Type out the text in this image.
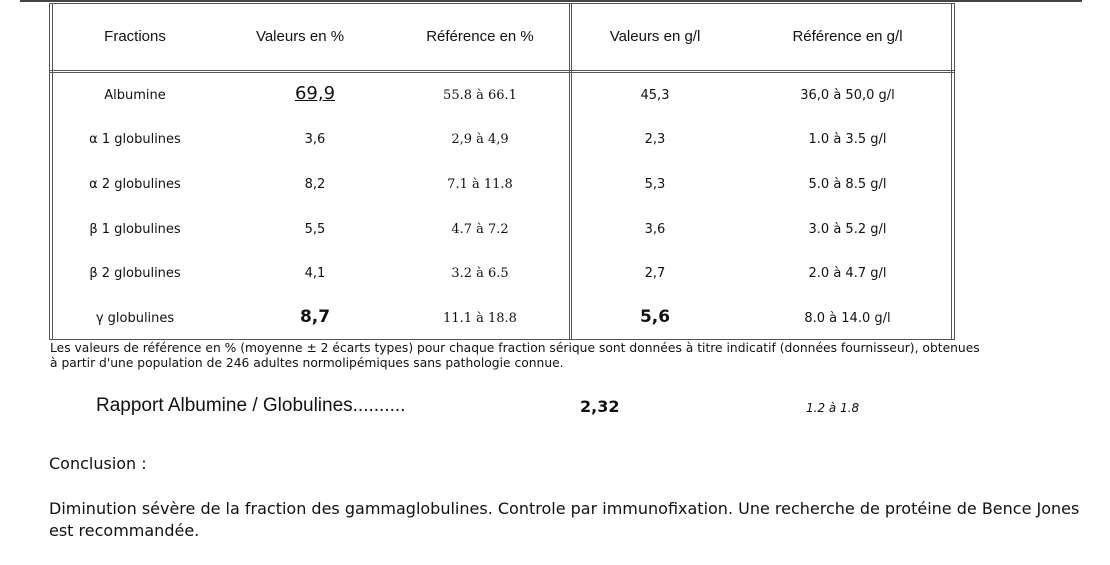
Fractions	Valeurs en %	Référence en %	Valeurs en g/l	Référence en g/l
Albumine	69,9	55.8 à 66.1	45,3	36,0 à 50,0 g/l
α 1 globulines	3,6	2,9 à 4,9	2,3	1.0 à 3.5 g/l
α 2 globulines	8,2	7.1 à 11.8	5,3	5.0 à 8.5 g/l
β 1 globulines	5,5	4.7 à 7.2	3,6	3.0 à 5.2 g/l
β 2 globulines	4,1	3.2 à 6.5	2,7	2.0 à 4.7 g/l
γ globulines	8,7	11.1 à 18.8	5,6	8.0 à 14.0 g/l
Les valeurs de référence en % (moyenne ± 2 écarts types) pour chaque fraction sérique sont données à titre indicatif (données fournisseur), obtenues à partir d'une population de 246 adultes normolipémiques sans pathologie connue.
Rapport Albumine / Globulines..........	2,32	1.2 à 1.8
Conclusion :
Diminution sévère de la fraction des gammaglobulines. Controle par immunofixation. Une recherche de protéine de Bence Jones est recommandée.
